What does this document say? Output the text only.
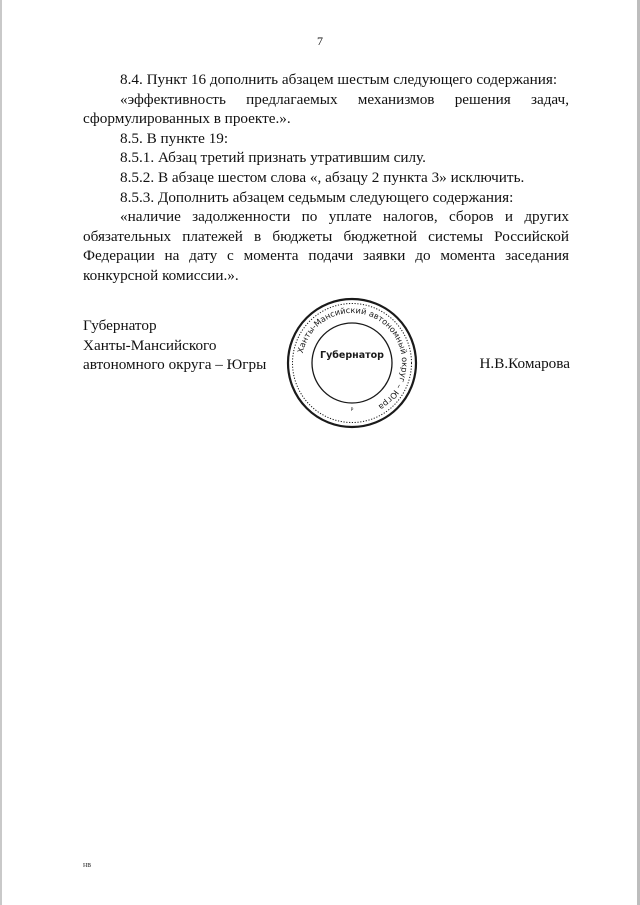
7

8.4. Пункт 16 дополнить абзацем шестым следующего содержания:

«эффективность предлагаемых механизмов решения задач, сформулированных в проекте.».

8.5. В пункте 19:

8.5.1. Абзац третий признать утратившим силу.

8.5.2. В абзаце шестом слова «, абзацу 2 пункта 3» исключить.

8.5.3. Дополнить абзацем седьмым следующего содержания:

«наличие задолженности по уплате налогов, сборов и других обязательных платежей в бюджеты бюджетной системы Российской Федерации на дату с момента подачи заявки до момента заседания конкурсной комиссии.».

Губернатор
Ханты-Мансийского
автономного округа – Югры
Ханты-Мансийский автономный округ – Югра
Губернатор
Р
Н.В.Комарова
нв
